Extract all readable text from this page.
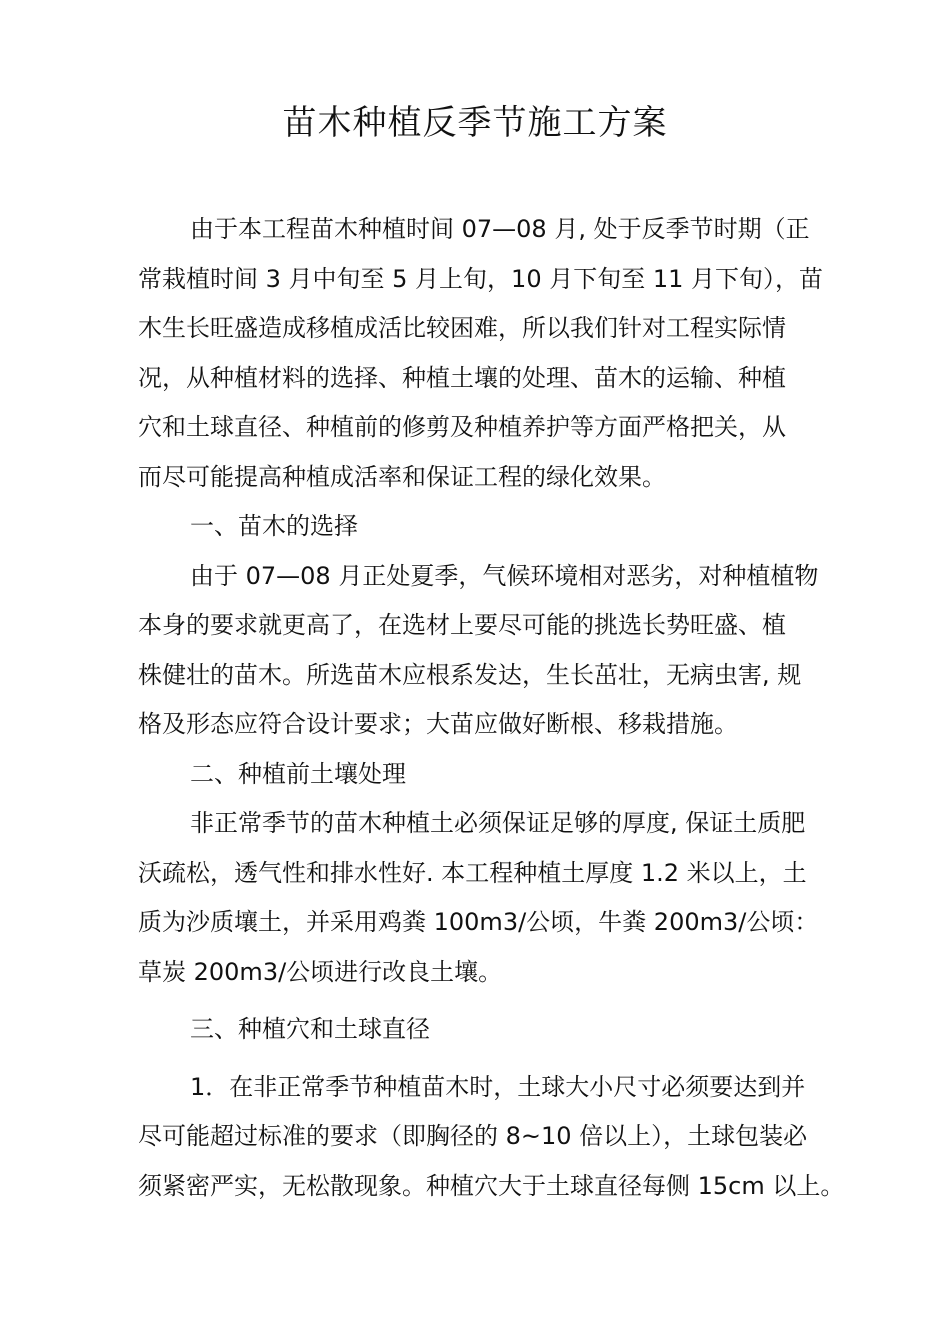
苗木种植反季节施工方案
由于本工程苗木种植时间 07—08 月, 处于反季节时期（正
常栽植时间 3 月中旬至 5 月上旬，10 月下旬至 11 月下旬），苗
木生长旺盛造成移植成活比较困难，所以我们针对工程实际情
况，从种植材料的选择、种植土壤的处理、苗木的运输、种植
穴和土球直径、种植前的修剪及种植养护等方面严格把关，从
而尽可能提高种植成活率和保证工程的绿化效果。
一、苗木的选择
由于 07—08 月正处夏季，气候环境相对恶劣，对种植植物
本身的要求就更高了，在选材上要尽可能的挑选长势旺盛、植
株健壮的苗木。所选苗木应根系发达，生长茁壮，无病虫害, 规
格及形态应符合设计要求；大苗应做好断根、移栽措施。
二、种植前土壤处理
非正常季节的苗木种植土必须保证足够的厚度, 保证土质肥
沃疏松，透气性和排水性好. 本工程种植土厚度 1.2 米以上，土
质为沙质壤土，并采用鸡粪 100m3/公顷，牛粪 200m3/公顷：
草炭 200m3/公顷进行改良土壤。
三、种植穴和土球直径
1．在非正常季节种植苗木时，土球大小尺寸必须要达到并
尽可能超过标准的要求（即胸径的 8~10 倍以上），土球包装必
须紧密严实，无松散现象。种植穴大于土球直径每侧 15cm 以上。
